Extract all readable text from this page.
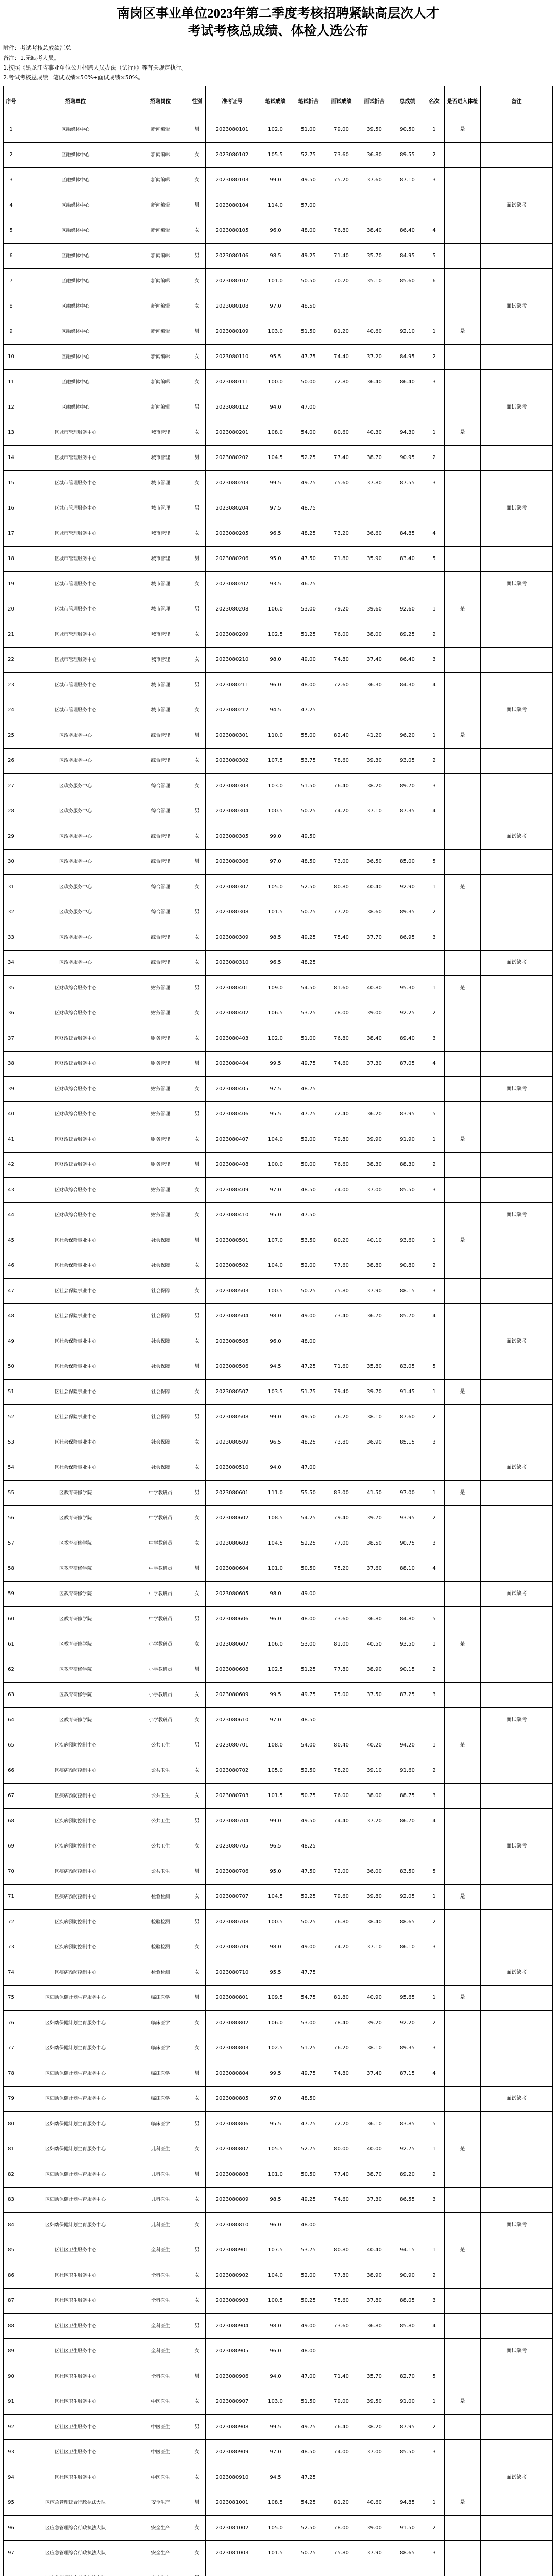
南岗区事业单位2023年第二季度考核招聘紧缺高层次人才
考试考核总成绩、体检人选公布
附件：考试考核总成绩汇总
备注：1.无缺考人员。
1.按照《黑龙江省事业单位公开招聘人员办法（试行）》等有关规定执行。
2.考试考核总成绩=笔试成绩×50%+面试成绩×50%。
序号	招聘单位	招聘岗位	性别	准考证号	笔试成绩	笔试折合	面试成绩	面试折合	总成绩	名次	是否进入体检	备注
1	区融媒体中心	新闻编辑	男	2023080101	102.0	51.00	79.00	39.50	90.50	1	是	
2	区融媒体中心	新闻编辑	女	2023080102	105.5	52.75	73.60	36.80	89.55	2		
3	区融媒体中心	新闻编辑	女	2023080103	99.0	49.50	75.20	37.60	87.10	3		
4	区融媒体中心	新闻编辑	男	2023080104	114.0	57.00						面试缺考
5	区融媒体中心	新闻编辑	女	2023080105	96.0	48.00	76.80	38.40	86.40	4		
6	区融媒体中心	新闻编辑	男	2023080106	98.5	49.25	71.40	35.70	84.95	5		
7	区融媒体中心	新闻编辑	女	2023080107	101.0	50.50	70.20	35.10	85.60	6		
8	区融媒体中心	新闻编辑	女	2023080108	97.0	48.50						面试缺考
9	区融媒体中心	新闻编辑	男	2023080109	103.0	51.50	81.20	40.60	92.10	1	是	
10	区融媒体中心	新闻编辑	女	2023080110	95.5	47.75	74.40	37.20	84.95	2		
11	区融媒体中心	新闻编辑	女	2023080111	100.0	50.00	72.80	36.40	86.40	3		
12	区融媒体中心	新闻编辑	男	2023080112	94.0	47.00						面试缺考
13	区城市管理服务中心	城市管理	女	2023080201	108.0	54.00	80.60	40.30	94.30	1	是	
14	区城市管理服务中心	城市管理	男	2023080202	104.5	52.25	77.40	38.70	90.95	2		
15	区城市管理服务中心	城市管理	女	2023080203	99.5	49.75	75.60	37.80	87.55	3		
16	区城市管理服务中心	城市管理	男	2023080204	97.5	48.75						面试缺考
17	区城市管理服务中心	城市管理	女	2023080205	96.5	48.25	73.20	36.60	84.85	4		
18	区城市管理服务中心	城市管理	男	2023080206	95.0	47.50	71.80	35.90	83.40	5		
19	区城市管理服务中心	城市管理	女	2023080207	93.5	46.75						面试缺考
20	区城市管理服务中心	城市管理	男	2023080208	106.0	53.00	79.20	39.60	92.60	1	是	
21	区城市管理服务中心	城市管理	女	2023080209	102.5	51.25	76.00	38.00	89.25	2		
22	区城市管理服务中心	城市管理	女	2023080210	98.0	49.00	74.80	37.40	86.40	3		
23	区城市管理服务中心	城市管理	男	2023080211	96.0	48.00	72.60	36.30	84.30	4		
24	区城市管理服务中心	城市管理	女	2023080212	94.5	47.25						面试缺考
25	区政务服务中心	综合管理	男	2023080301	110.0	55.00	82.40	41.20	96.20	1	是	
26	区政务服务中心	综合管理	女	2023080302	107.5	53.75	78.60	39.30	93.05	2		
27	区政务服务中心	综合管理	女	2023080303	103.0	51.50	76.40	38.20	89.70	3		
28	区政务服务中心	综合管理	男	2023080304	100.5	50.25	74.20	37.10	87.35	4		
29	区政务服务中心	综合管理	女	2023080305	99.0	49.50						面试缺考
30	区政务服务中心	综合管理	男	2023080306	97.0	48.50	73.00	36.50	85.00	5		
31	区政务服务中心	综合管理	女	2023080307	105.0	52.50	80.80	40.40	92.90	1	是	
32	区政务服务中心	综合管理	男	2023080308	101.5	50.75	77.20	38.60	89.35	2		
33	区政务服务中心	综合管理	女	2023080309	98.5	49.25	75.40	37.70	86.95	3		
34	区政务服务中心	综合管理	女	2023080310	96.5	48.25						面试缺考
35	区财政综合服务中心	财务管理	男	2023080401	109.0	54.50	81.60	40.80	95.30	1	是	
36	区财政综合服务中心	财务管理	女	2023080402	106.5	53.25	78.00	39.00	92.25	2		
37	区财政综合服务中心	财务管理	女	2023080403	102.0	51.00	76.80	38.40	89.40	3		
38	区财政综合服务中心	财务管理	男	2023080404	99.5	49.75	74.60	37.30	87.05	4		
39	区财政综合服务中心	财务管理	女	2023080405	97.5	48.75						面试缺考
40	区财政综合服务中心	财务管理	男	2023080406	95.5	47.75	72.40	36.20	83.95	5		
41	区财政综合服务中心	财务管理	女	2023080407	104.0	52.00	79.80	39.90	91.90	1	是	
42	区财政综合服务中心	财务管理	男	2023080408	100.0	50.00	76.60	38.30	88.30	2		
43	区财政综合服务中心	财务管理	女	2023080409	97.0	48.50	74.00	37.00	85.50	3		
44	区财政综合服务中心	财务管理	女	2023080410	95.0	47.50						面试缺考
45	区社会保险事业中心	社会保障	男	2023080501	107.0	53.50	80.20	40.10	93.60	1	是	
46	区社会保险事业中心	社会保障	女	2023080502	104.0	52.00	77.60	38.80	90.80	2		
47	区社会保险事业中心	社会保障	女	2023080503	100.5	50.25	75.80	37.90	88.15	3		
48	区社会保险事业中心	社会保障	男	2023080504	98.0	49.00	73.40	36.70	85.70	4		
49	区社会保险事业中心	社会保障	女	2023080505	96.0	48.00						面试缺考
50	区社会保险事业中心	社会保障	男	2023080506	94.5	47.25	71.60	35.80	83.05	5		
51	区社会保险事业中心	社会保障	女	2023080507	103.5	51.75	79.40	39.70	91.45	1	是	
52	区社会保险事业中心	社会保障	男	2023080508	99.0	49.50	76.20	38.10	87.60	2		
53	区社会保险事业中心	社会保障	女	2023080509	96.5	48.25	73.80	36.90	85.15	3		
54	区社会保险事业中心	社会保障	女	2023080510	94.0	47.00						面试缺考
55	区教育研修学院	中学教研员	男	2023080601	111.0	55.50	83.00	41.50	97.00	1	是	
56	区教育研修学院	中学教研员	女	2023080602	108.5	54.25	79.40	39.70	93.95	2		
57	区教育研修学院	中学教研员	女	2023080603	104.5	52.25	77.00	38.50	90.75	3		
58	区教育研修学院	中学教研员	男	2023080604	101.0	50.50	75.20	37.60	88.10	4		
59	区教育研修学院	中学教研员	女	2023080605	98.0	49.00						面试缺考
60	区教育研修学院	中学教研员	男	2023080606	96.0	48.00	73.60	36.80	84.80	5		
61	区教育研修学院	小学教研员	女	2023080607	106.0	53.00	81.00	40.50	93.50	1	是	
62	区教育研修学院	小学教研员	男	2023080608	102.5	51.25	77.80	38.90	90.15	2		
63	区教育研修学院	小学教研员	女	2023080609	99.5	49.75	75.00	37.50	87.25	3		
64	区教育研修学院	小学教研员	女	2023080610	97.0	48.50						面试缺考
65	区疾病预防控制中心	公共卫生	男	2023080701	108.0	54.00	80.40	40.20	94.20	1	是	
66	区疾病预防控制中心	公共卫生	女	2023080702	105.0	52.50	78.20	39.10	91.60	2		
67	区疾病预防控制中心	公共卫生	女	2023080703	101.5	50.75	76.00	38.00	88.75	3		
68	区疾病预防控制中心	公共卫生	男	2023080704	99.0	49.50	74.40	37.20	86.70	4		
69	区疾病预防控制中心	公共卫生	女	2023080705	96.5	48.25						面试缺考
70	区疾病预防控制中心	公共卫生	男	2023080706	95.0	47.50	72.00	36.00	83.50	5		
71	区疾病预防控制中心	检验检测	女	2023080707	104.5	52.25	79.60	39.80	92.05	1	是	
72	区疾病预防控制中心	检验检测	男	2023080708	100.5	50.25	76.80	38.40	88.65	2		
73	区疾病预防控制中心	检验检测	女	2023080709	98.0	49.00	74.20	37.10	86.10	3		
74	区疾病预防控制中心	检验检测	女	2023080710	95.5	47.75						面试缺考
75	区妇幼保健计划生育服务中心	临床医学	男	2023080801	109.5	54.75	81.80	40.90	95.65	1	是	
76	区妇幼保健计划生育服务中心	临床医学	女	2023080802	106.0	53.00	78.40	39.20	92.20	2		
77	区妇幼保健计划生育服务中心	临床医学	女	2023080803	102.5	51.25	76.20	38.10	89.35	3		
78	区妇幼保健计划生育服务中心	临床医学	男	2023080804	99.5	49.75	74.80	37.40	87.15	4		
79	区妇幼保健计划生育服务中心	临床医学	女	2023080805	97.0	48.50						面试缺考
80	区妇幼保健计划生育服务中心	临床医学	男	2023080806	95.5	47.75	72.20	36.10	83.85	5		
81	区妇幼保健计划生育服务中心	儿科医生	女	2023080807	105.5	52.75	80.00	40.00	92.75	1	是	
82	区妇幼保健计划生育服务中心	儿科医生	男	2023080808	101.0	50.50	77.40	38.70	89.20	2		
83	区妇幼保健计划生育服务中心	儿科医生	女	2023080809	98.5	49.25	74.60	37.30	86.55	3		
84	区妇幼保健计划生育服务中心	儿科医生	女	2023080810	96.0	48.00						面试缺考
85	区社区卫生服务中心	全科医生	男	2023080901	107.5	53.75	80.80	40.40	94.15	1	是	
86	区社区卫生服务中心	全科医生	女	2023080902	104.0	52.00	77.80	38.90	90.90	2		
87	区社区卫生服务中心	全科医生	女	2023080903	100.5	50.25	75.60	37.80	88.05	3		
88	区社区卫生服务中心	全科医生	男	2023080904	98.0	49.00	73.60	36.80	85.80	4		
89	区社区卫生服务中心	全科医生	女	2023080905	96.0	48.00						面试缺考
90	区社区卫生服务中心	全科医生	男	2023080906	94.0	47.00	71.40	35.70	82.70	5		
91	区社区卫生服务中心	中医医生	女	2023080907	103.0	51.50	79.00	39.50	91.00	1	是	
92	区社区卫生服务中心	中医医生	男	2023080908	99.5	49.75	76.40	38.20	87.95	2		
93	区社区卫生服务中心	中医医生	女	2023080909	97.0	48.50	74.00	37.00	85.50	3		
94	区社区卫生服务中心	中医医生	女	2023080910	94.5	47.25						面试缺考
95	区应急管理综合行政执法大队	安全生产	男	2023081001	108.5	54.25	81.20	40.60	94.85	1	是	
96	区应急管理综合行政执法大队	安全生产	女	2023081002	105.0	52.50	78.00	39.00	91.50	2		
97	区应急管理综合行政执法大队	安全生产	女	2023081003	101.5	50.75	75.80	37.90	88.65	3		
